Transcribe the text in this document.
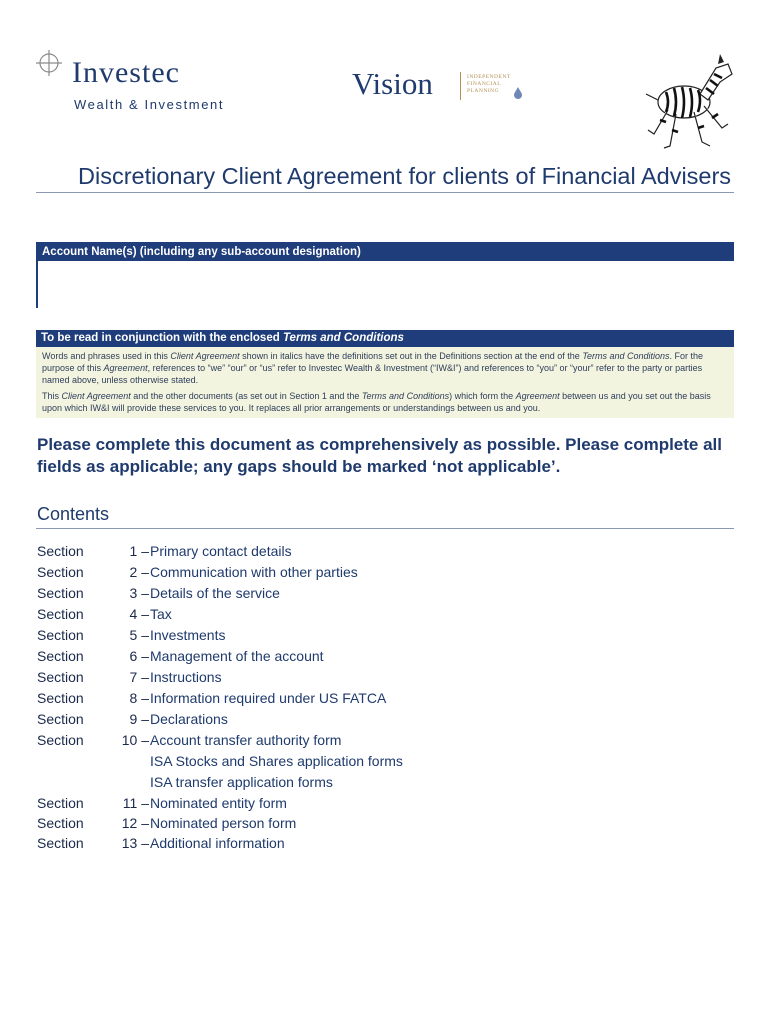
Investec
Wealth & Investment
Vision	INDEPENDENT FINANCIAL PLANNING
Discretionary Client Agreement for clients of Financial Advisers
Account Name(s) (including any sub-account designation)
To be read in conjunction with the enclosed Terms and Conditions

Words and phrases used in this Client Agreement shown in italics have the definitions set out in the Definitions section at the end of the Terms and Conditions. For the purpose of this Agreement, references to “we” “our” or “us” refer to Investec Wealth & Investment (“IW&I”) and references to “you” or “your” refer to the party or parties named above, unless otherwise stated.

This Client Agreement and the other documents (as set out in Section 1 and the Terms and Conditions) which form the Agreement between us and you set out the basis upon which IW&I will provide these services to you. It replaces all prior arrangements or understandings between us and you.

Please complete this document as comprehensively as possible. Please complete all fields as applicable; any gaps should be marked ‘not applicable’.
Contents
Section	1 – Primary contact details
Section	2 – Communication with other parties
Section	3 – Details of the service
Section	4 – Tax
Section	5 – Investments
Section	6 – Management of the account
Section	7 – Instructions
Section	8 – Information required under US FATCA
Section	9 – Declarations
Section	10 – Account transfer authority form
ISA Stocks and Shares application forms
ISA transfer application forms
Section	11 – Nominated entity form
Section	12 – Nominated person form
Section	13 – Additional information
